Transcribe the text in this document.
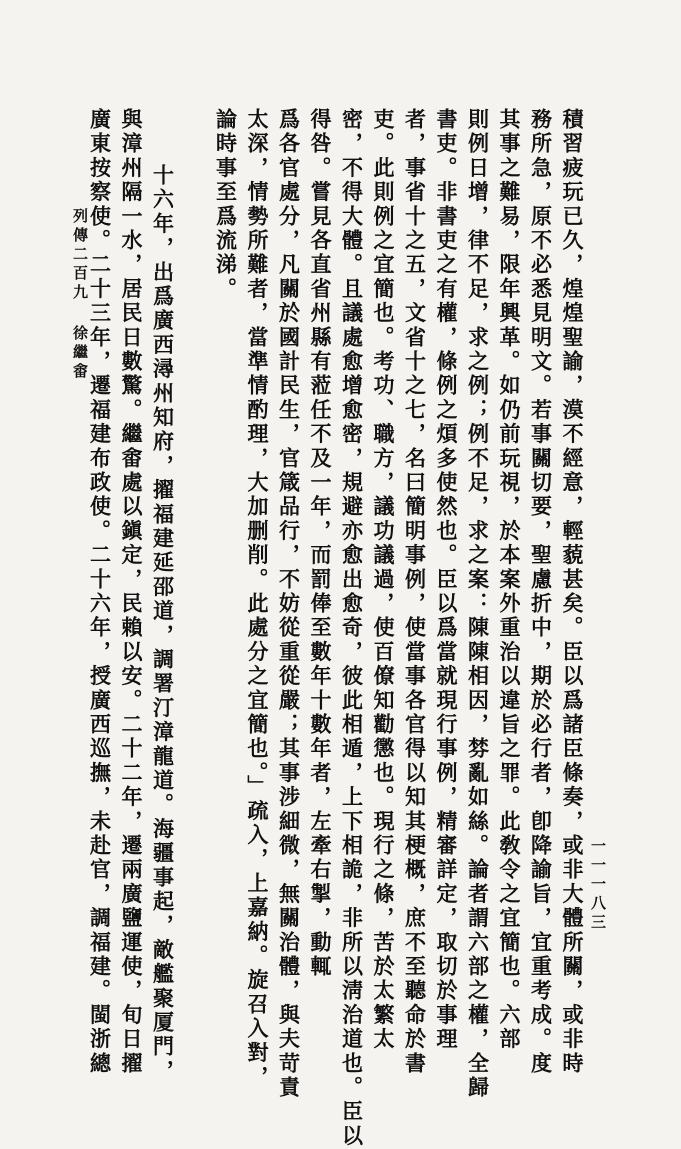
列傳二百九
徐繼畬
一一一八三
積習疲玩已久，煌煌聖諭，漠不經意，輕藐甚矣。臣以爲諸臣條奏，或非大體所關，或非時
務所急，原不必悉見明文。若事關切要，聖慮折中，期於必行者，卽降諭旨，宜重考成。度
其事之難易，限年興革。如仍前玩視，於本案外重治以違旨之罪。此敎令之宜簡也。六部
則例日增，律不足，求之例；例不足，求之案：陳陳相因，棼亂如絲。論者謂六部之權，全歸
書吏。非書吏之有權，條例之煩多使然也。臣以爲當就現行事例，精審詳定，取切於事理
者，事省十之五，文省十之七，名曰簡明事例，使當事各官得以知其梗概，庶不至聽命於書
吏。此則例之宜簡也。考功、職方，議功議過，使百僚知勸懲也。現行之條，苦於太繁太
密，不得大體。且議處愈增愈密，規避亦愈出愈奇，彼此相遁，上下相詭，非所以淸治道也。臣以
得咎。嘗見各直省州縣有蒞任不及一年，而罰俸至數年十數年者，左牽右掣，動輒
爲各官處分，凡關於國計民生，官箴品行，不妨從重從嚴；其事涉細微，無關治體，與夫苛責
太深，情勢所難者，當準情酌理，大加删削。此處分之宜簡也。」疏入，上嘉納。旋召入對，
論時事至爲流涕。
十六年，出爲廣西潯州知府，擢福建延邵道，調署汀漳龍道。海疆事起，敵艦聚厦門，
與漳州隔一水，居民日數驚。繼畬處以鎭定，民賴以安。二十二年，遷兩廣鹽運使，旬日擢
廣東按察使。二十三年，遷福建布政使。二十六年，授廣西巡撫，未赴官，調福建。閩浙總
